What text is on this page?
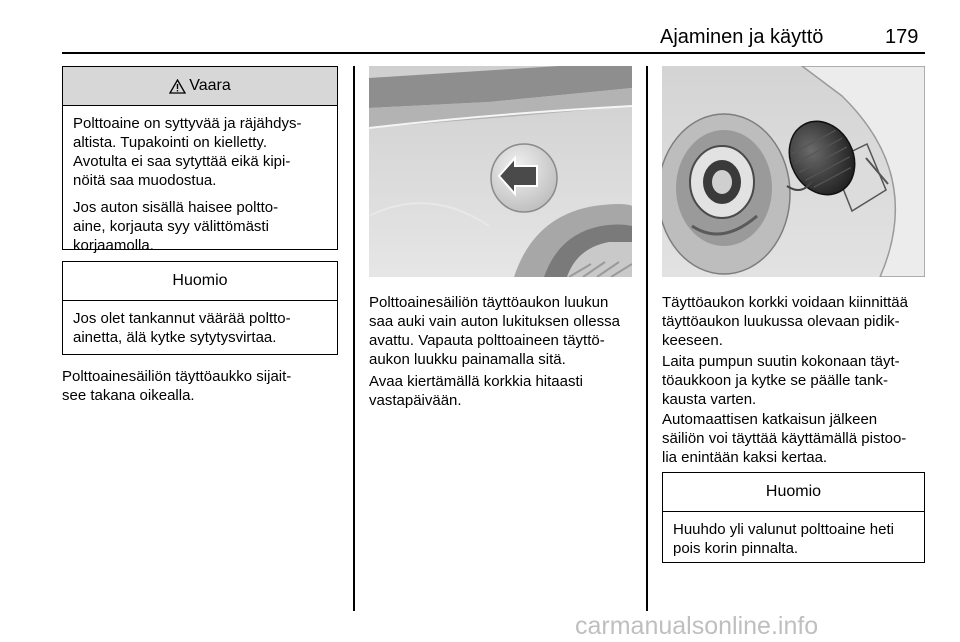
Ajaminen ja käyttö	179
Vaara

Polttoaine on syttyvää ja räjähdys-
altista. Tupakointi on kielletty.
Avotulta ei saa sytyttää eikä kipi-
nöitä saa muodostua.

Jos auton sisällä haisee poltto-
aine, korjauta syy välittömästi
korjaamolla.

Huomio

Jos olet tankannut väärää poltto-
ainetta, älä kytke sytytysvirtaa.

Polttoainesäiliön täyttöaukko sijait-
see takana oikealla.

Polttoainesäiliön täyttöaukon luukun
saa auki vain auton lukituksen ollessa
avattu. Vapauta polttoaineen täyttö-
aukon luukku painamalla sitä.

Avaa kiertämällä korkkia hitaasti
vastapäivään.

Täyttöaukon korkki voidaan kiinnittää
täyttöaukon luukussa olevaan pidik-
keeseen.

Laita pumpun suutin kokonaan täyt-
töaukkoon ja kytke se päälle tank-
kausta varten.

Automaattisen katkaisun jälkeen
säiliön voi täyttää käyttämällä pistoo-
lia enintään kaksi kertaa.

Huomio

Huuhdo yli valunut polttoaine heti
pois korin pinnalta.

carmanualsonline.info
